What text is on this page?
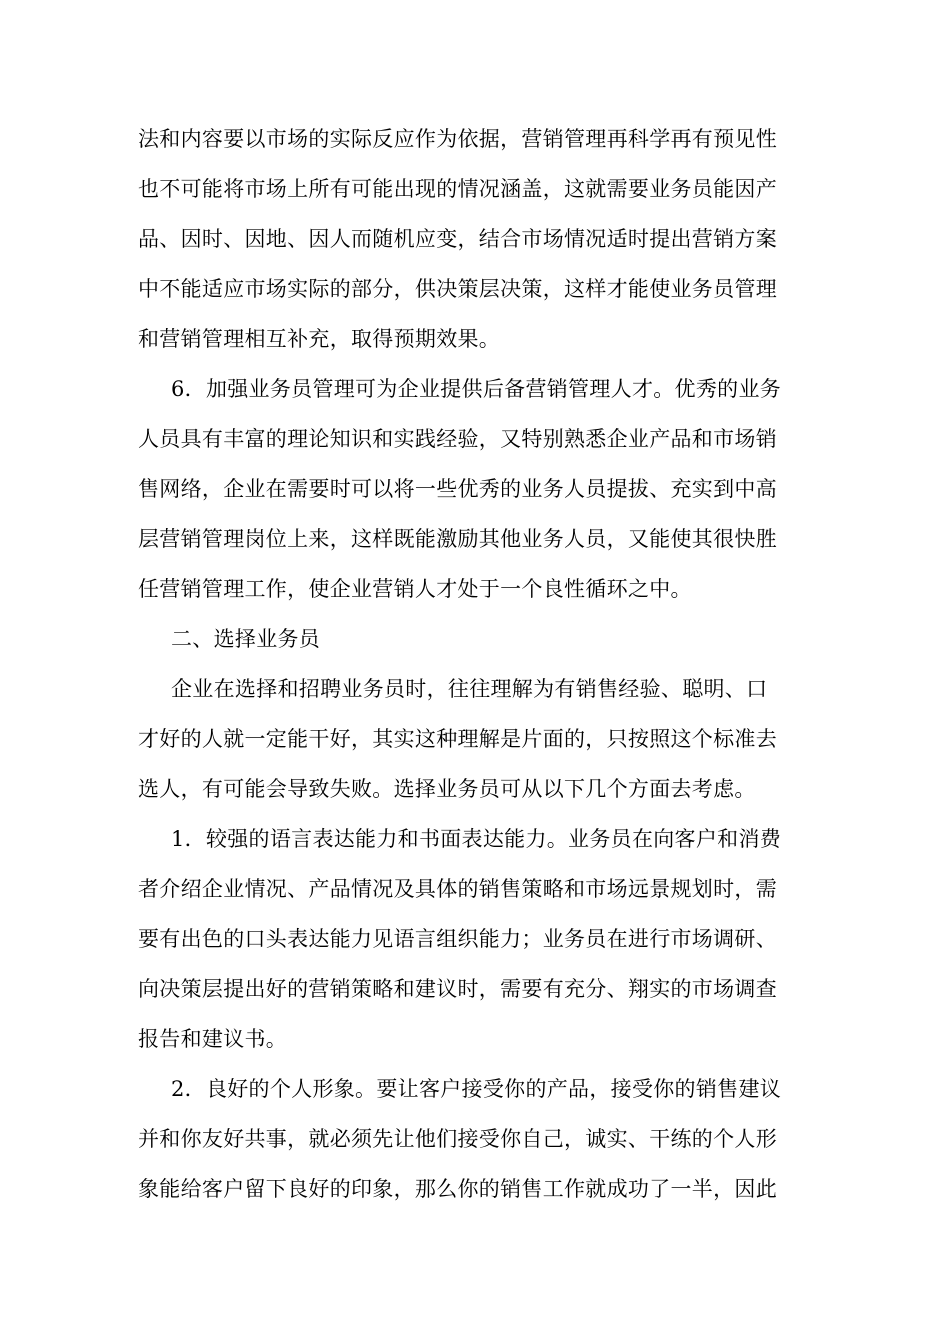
法和内容要以市场的实际反应作为依据，营销管理再科学再有预见性
也不可能将市场上所有可能出现的情况涵盖，这就需要业务员能因产
品、因时、因地、因人而随机应变，结合市场情况适时提出营销方案
中不能适应市场实际的部分，供决策层决策，这样才能使业务员管理
和营销管理相互补充，取得预期效果。
6．加强业务员管理可为企业提供后备营销管理人才。优秀的业务
人员具有丰富的理论知识和实践经验，又特别熟悉企业产品和市场销
售网络，企业在需要时可以将一些优秀的业务人员提拔、充实到中高
层营销管理岗位上来，这样既能激励其他业务人员，又能使其很快胜
任营销管理工作，使企业营销人才处于一个良性循环之中。
二、选择业务员
企业在选择和招聘业务员时，往往理解为有销售经验、聪明、口
才好的人就一定能干好，其实这种理解是片面的，只按照这个标准去
选人，有可能会导致失败。选择业务员可从以下几个方面去考虑。
1．较强的语言表达能力和书面表达能力。业务员在向客户和消费
者介绍企业情况、产品情况及具体的销售策略和市场远景规划时，需
要有出色的口头表达能力见语言组织能力；业务员在进行市场调研、
向决策层提出好的营销策略和建议时，需要有充分、翔实的市场调查
报告和建议书。
2．良好的个人形象。要让客户接受你的产品，接受你的销售建议
并和你友好共事，就必须先让他们接受你自己，诚实、干练的个人形
象能给客户留下良好的印象，那么你的销售工作就成功了一半，因此
